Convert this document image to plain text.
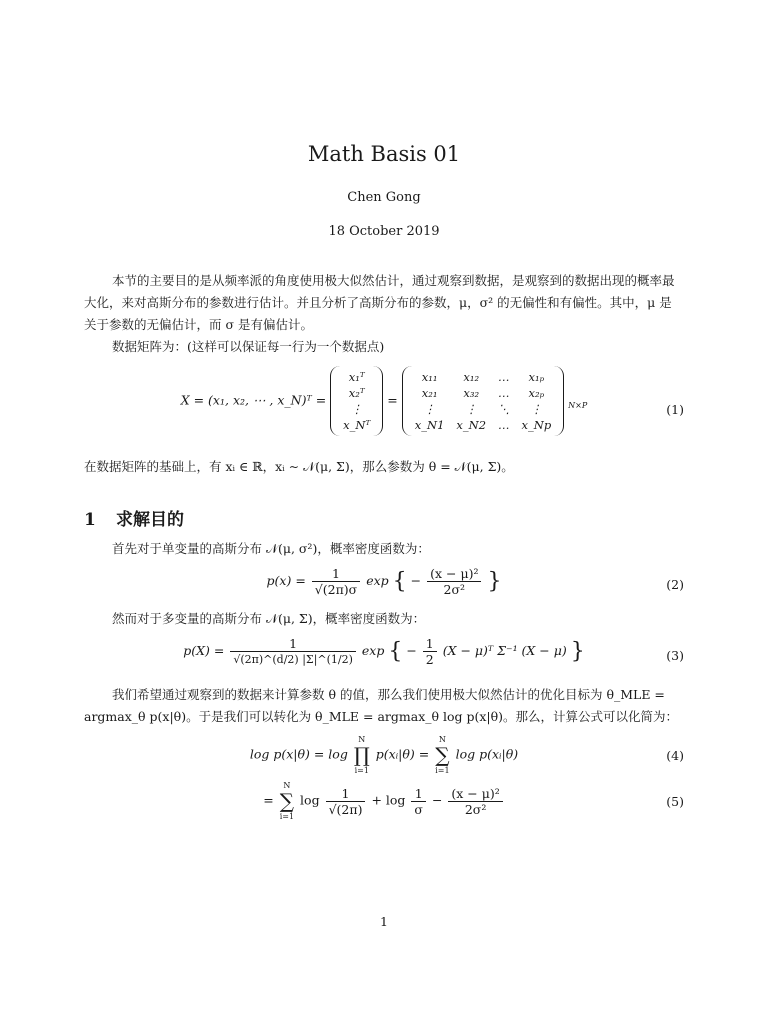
Math Basis 01
Chen Gong
18 October 2019
本节的主要目的是从频率派的角度使用极大似然估计，通过观察到数据，是观察到的数据出现的概率最大化，来对高斯分布的参数进行估计。并且分析了高斯分布的参数，μ，σ² 的无偏性和有偏性。其中，μ 是关于参数的无偏估计，而 σ 是有偏估计。
数据矩阵为：(这样可以保证每一行为一个数据点)
X = (x₁, x₂, ⋯ , x_N)ᵀ =
x₁ᵀ
x₂ᵀ
⋮
x_Nᵀ
=
x₁₁	x₁₂	…	x₁ₚ
x₂₁	x₃₂	…	x₂ₚ
⋮	⋮	⋱	⋮
x_N1	x_N2	…	x_Np
$_{N\times P}$	(1)
在数据矩阵的基础上，有 xᵢ ∈ ℝ，xᵢ ∼ 𝒩(μ, Σ)，那么参数为 θ = 𝒩(μ, Σ)。
1 求解目的
首先对于单变量的高斯分布 𝒩(μ, σ²)，概率密度函数为：
$p(x) = \frac{1}{√(2\pi)\sigma}$ exp { − $\frac{\text{(x − μ)²}}{\text{2σ²}}$ }	(2)
然而对于多变量的高斯分布 𝒩(μ, Σ)，概率密度函数为：
$p(X) = \frac{1}{√(2\pi)\^{}(d/2) |\Sigma|\^{}(1/2)}$ exp { − $\frac{1}{2} (X$ − μ)ᵀ Σ⁻¹ (X − μ) }	(3)
我们希望通过观察到的数据来计算参数 θ 的值，那么我们使用极大似然估计的优化目标为 θ_MLE = argmax_θ p(x|θ)。于是我们可以转化为 θ_MLE = argmax_θ log p(x|θ)。那么，计算公式可以化简为：
log p(x|θ) = log
N
∏
i=1
p(xᵢ|θ) =
N
∑
i=1
log p(xᵢ|θ)	(4)
=
N
∑
i=1
$\log \frac{1}{√(2\pi)} + \log \frac{1}{\sigma} - \frac{\text{(x − μ)²}}{\text{2σ²}}$	(5)
1
